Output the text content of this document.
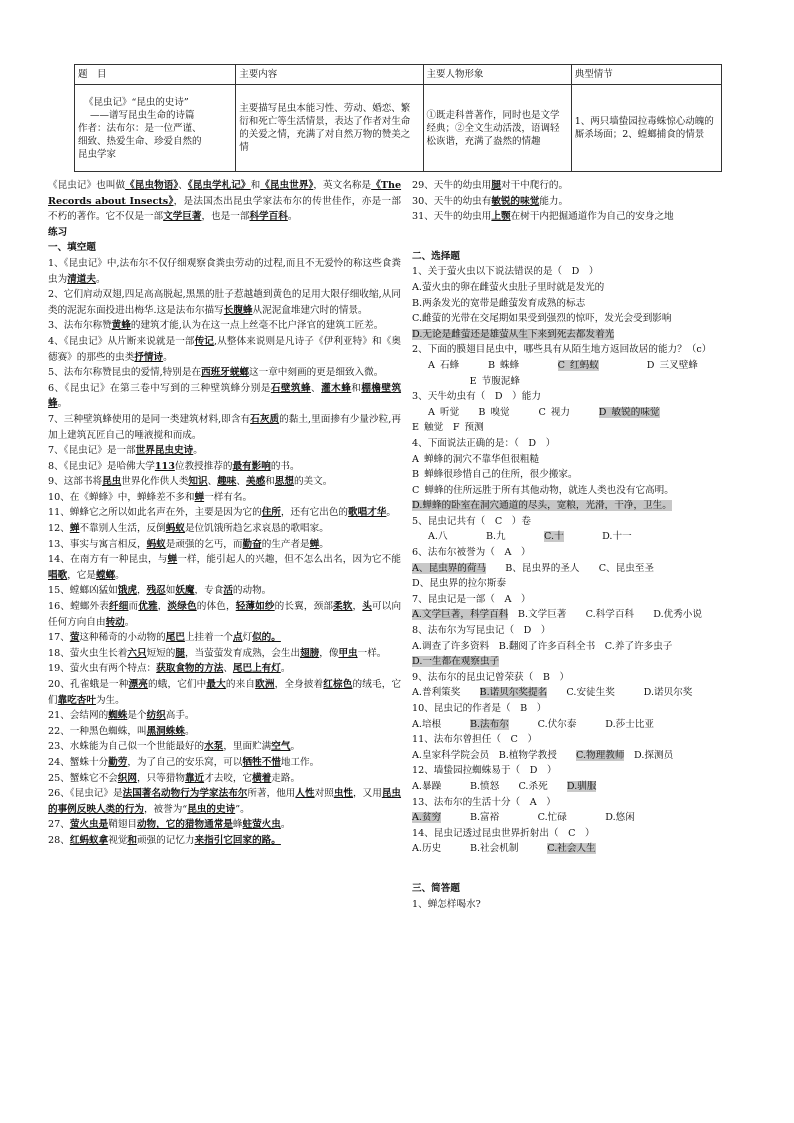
题　目	主要内容	主要人物形象	典型情节

《昆虫记》“昆虫的史诗”
——谱写昆虫生命的诗篇
作者：法布尔：是一位严谨、
细致、热爱生命、珍爱自然的
昆虫学家	主要描写昆虫本能习性、劳动、婚恋、繁衍和死亡等生活情景，表达了作者对生命的关爱之情，充满了对自然万物的赞美之情	①既走科普著作，同时也是文学经典；②全文生动活泼，语调轻松诙谐，充满了盎然的情趣	1、两只墙蛰园拉毒蛛惊心动魄的厮杀场面；2、蝗螂捕食的情景

《昆虫记》也叫做《昆虫物语》、《昆虫学札记》和《昆虫世界》，英文名称是《The Records about Insects》，是法国杰出昆虫学家法布尔的传世佳作，亦是一部不朽的著作。它不仅是一部文学巨著，也是一部科学百科。

练习

一、填空题

1、《昆虫记》中,法布尔不仅仔细观察食粪虫劳动的过程,而且不无爱怜的称这些食粪虫为清道夫。

2、它们肩动双翅,四足高高脱起,黑黑的肚子惹越趟到黄色的足用大限仔细收缩,从同类的泥泥东面投进出梅华.这是法布尔描写长腹蜂从泥泥盒堆建穴时的情景。

3、法布尔称赞黄蜂的建筑才能,认为在这一点上丝毫不比户泽官的建筑工匠差。

4、《昆虫记》从片断来说就是一部传记,从整体来说则是凡诗子《伊利亚特》和《奥德赛》的那些的虫类抒情诗。

5、法布尔称赞昆虫的爱情,特别是在西班牙蜣螂这一章中刻画的更是细致入微。

6、《昆虫记》在第三卷中写到的三种壁筑蜂分别是石壁筑蜂、灌木蜂和棚檐壁筑蜂。

7、三种壁筑蜂使用的是同一类建筑材料,即含有石灰质的黏土,里面掺有少量沙粒,再加上建筑瓦匠自己的唾液搅和而成。

7、《昆虫记》是一部世界昆虫史诗。

8、《昆虫记》是哈佛大学113位教授推荐的最有影响的书。

9、这部书将昆虫世界化作供人类知识、趣味、美感和思想的美文。

10、在《蝉蜂》中，蝉蜂差不多和蝉一样有名。

11、蝉蜂它之所以如此名声在外，主要是因为它的住所，还有它出色的歌唱才华。

12、蝉不靠别人生活，反倒蚂蚁是位饥饿所趋乞求哀恳的歌唱家。

13、事实与寓言相反，蚂蚁是顽强的乞丐，而勤奋的生产者是蝉。

14、在南方有一种昆虫，与蝉一样，能引起人的兴趣，但不怎么出名，因为它不能唱歌，它是螳螂。

15、螳螂凶猛如饿虎，残忍如妖魔，专食活的动物。

16、螳螂外表纤细而优雅，淡绿色的体色，轻薄如纱的长翼，颈部柔软，头可以向任何方向自由转动。

17、萤这种稀奇的小动物的尾巴上挂着一个点灯似的。

18、萤火虫生长着六只短短的腿，当萤萤发育成熟，会生出翅膀，像甲虫一样。

19、萤火虫有两个特点：获取食物的方法、尾巴上有灯。

20、孔雀蛾是一种漂亮的蛾，它们中最大的来自欧洲，全身披着红棕色的绒毛，它们靠吃杏叶为生。

21、会结网的蜘蛛是个纺织高手。

22、一种黑色蜘蛛，叫黑洞蛛蛛。

23、水蛛能为自己似一个世能最好的水泵，里面贮满空气。

24、蟹蛛十分勤劳，为了自己的安乐窝，可以牺牲不惜地工作。

25、蟹蛛它不会织网，只等猎物靠近才去咬，它横着走路。

26、《昆虫记》是法国著名动物行为学家法布尔所著，他用人性对照虫性，又用昆虫的事例反映人类的行为，被誉为“昆虫的史诗”。

27、萤火虫是鞘翅目动物，它的猎物通常是蜂蛀萤火虫。

28、红蚂蚁拿视觉和顽强的记忆力来指引它回家的路。

29、天牛的幼虫用腿对干中爬行的。

30、天牛的幼虫有敏锐的味觉能力。

31、天牛的幼虫用上颚在树干内把掘通道作为自己的安身之地

二、选择题

1、关于萤火虫以下说法错误的是（　D　）

A.萤火虫的卵在雌萤火虫肚子里时就是发光的

B.两条发光的宽带是雌萤发育成熟的标志

C.雌萤的光带在交尾期如果受到强烈的惊吓，发光会受到影响

D.无论是雌萤还是雄萤从生下来到死去都发着光

2、下面的膜翅目昆虫中，哪些具有从陌生地方返回故居的能力？（c）

A 石蜂　　　	B 蛛蜂　　　　	C 红蚂蚁　　　　　	D 三叉壁蜂

　　　　　　E 节腹泥蜂

3、天牛幼虫有（　D　）能力

A 听觉　　 B 嗅觉　　　	C 视力　　　	D 敏锐的味觉

E 触觉　 F 预测

4、下面说法正确的是：（　D　）

A 蝉蜂的洞穴不靠华但很粗糙

B 蝉蜂很珍惜自己的住所，很少搬家。

C 蝉蜂的住所远胜于所有其他动物，就连人类也没有它高明。

D.蝉蜂的卧室在洞穴通道的尽头，宽粮，光滑，干净，卫生。

5、昆虫记共有（　C　）卷

A.八　　　　	B.九　　　　	C.十　　　　	D.十一

6、法布尔被誉为（　A　）

A、昆虫界的荷马　　 B、昆虫界的圣人　　 C、昆虫至圣

D、昆虫界的拉尔斯泰

7、昆虫记是一部（　A　）

A.文学巨著，科学百科　 B.文学巨著　　 C.科学百科　　 D.优秀小说

8、法布尔为写昆虫记（　D　）

A.调查了许多资料　 B.翻阅了许多百科全书　 C.养了许多虫子

D.一生都在观察虫子

9、法布尔的昆虫记曾荣获（　B　）

A.普利策奖　　 B.诺贝尔奖提名　　 C.安徒生奖　　　	D.诺贝尔奖

10、昆虫记的作者是（　B　）

A.培根　　　	B.法布尔　　　	C.伏尔泰　　　	D.莎士比亚

11、法布尔曾担任（　C　）

A.皇家科学院会员　 B.植物学教授　　 C.物理教师　 D.探测员

12、墙蛰园拉蜘蛛易于（　D　）

A.暴躁　　　	B.愤怒　　 C.杀死　　 D.驯服

13、法布尔的生活十分（　A　）

A.贫穷　　　	B.富裕　　　　	C.忙碌　　　　	D.悠闲

14、昆虫记透过昆虫世界折射出（　C　）

A.历史　　　	B.社会机制　　　	C.社会人生

三、简答题

1、蝉怎样喝水?
